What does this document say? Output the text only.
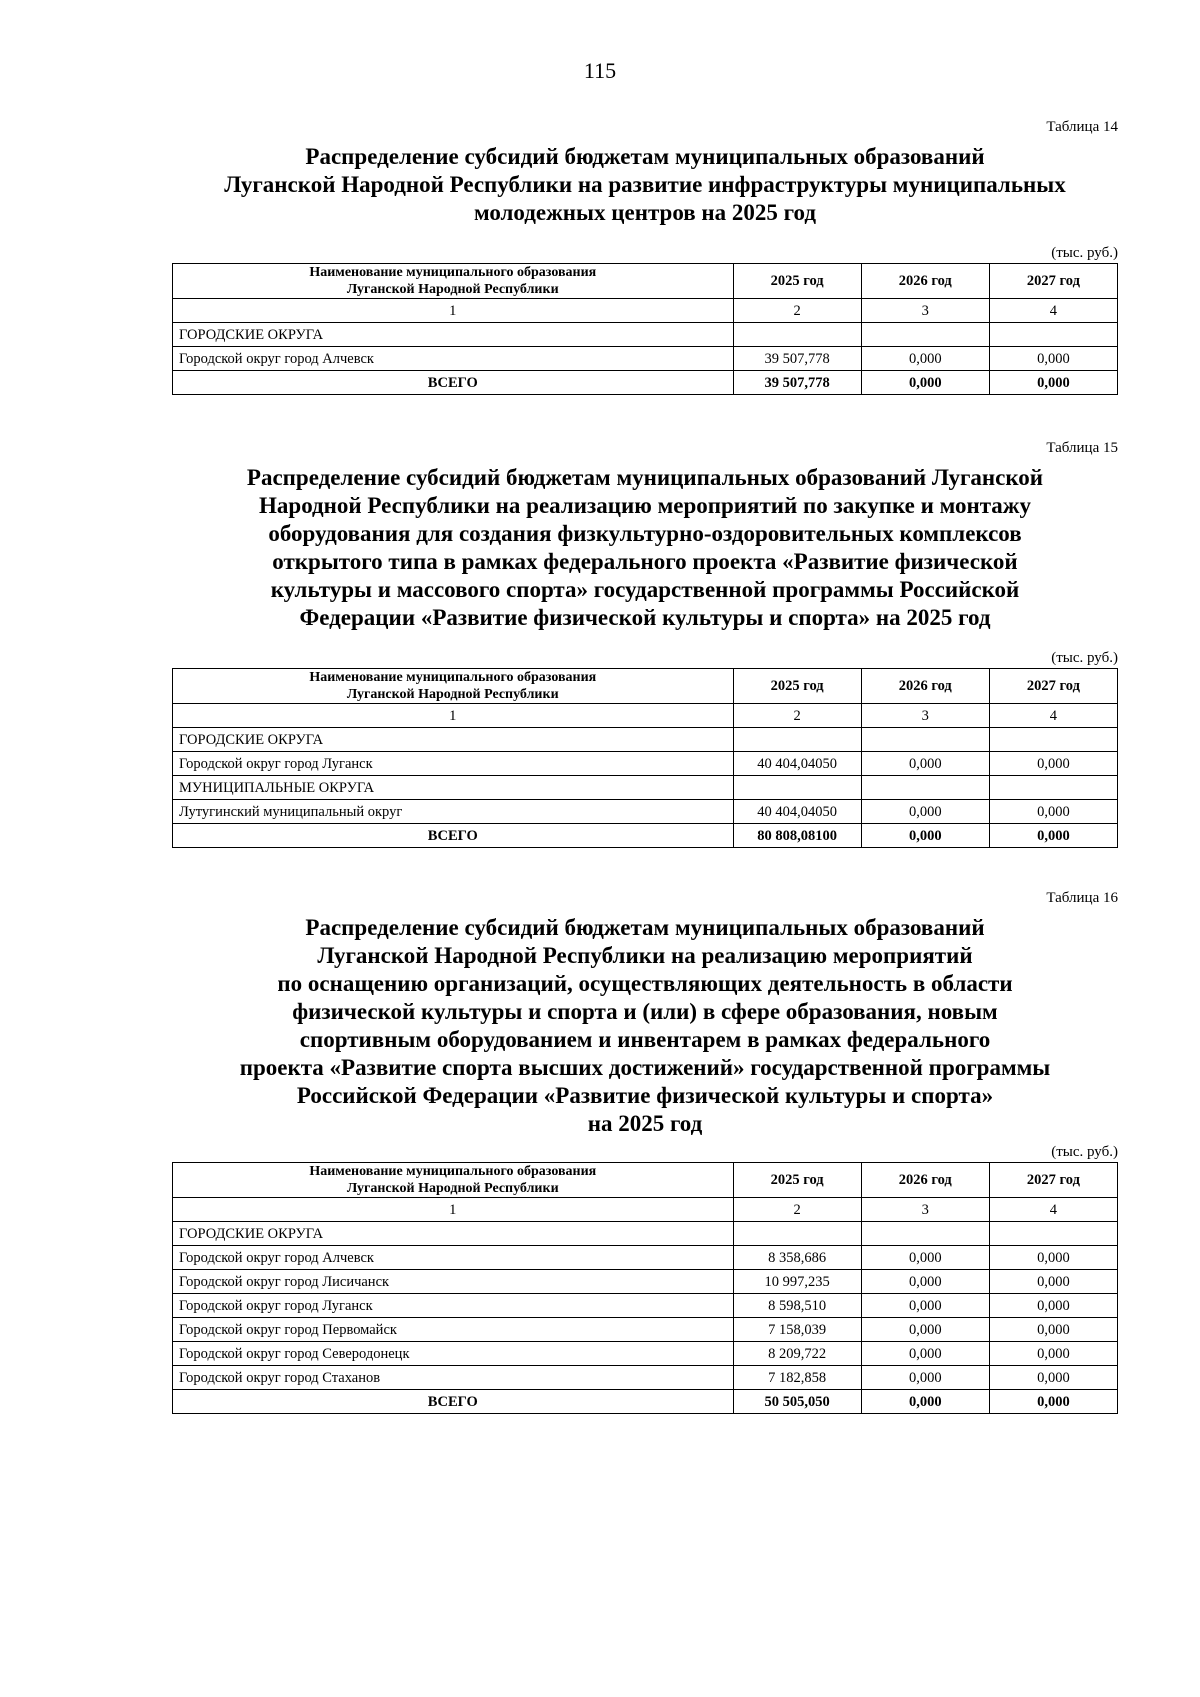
115
Таблица 14
Распределение субсидий бюджетам муниципальных образований
Луганской Народной Республики на развитие инфраструктуры муниципальных
молодежных центров на 2025 год
(тыс. руб.)
Наименование муниципального образования
Луганской Народной Республики	2025 год	2026 год	2027 год
1	2	3	4
ГОРОДСКИЕ ОКРУГА			
Городской округ город Алчевск	39 507,778	0,000	0,000
ВСЕГО	39 507,778	0,000	0,000
Таблица 15
Распределение субсидий бюджетам муниципальных образований Луганской
Народной Республики на реализацию мероприятий по закупке и монтажу
оборудования для создания физкультурно-оздоровительных комплексов
открытого типа в рамках федерального проекта «Развитие физической
культуры и массового спорта» государственной программы Российской
Федерации «Развитие физической культуры и спорта» на 2025 год
(тыс. руб.)
Наименование муниципального образования
Луганской Народной Республики	2025 год	2026 год	2027 год
1	2	3	4
ГОРОДСКИЕ ОКРУГА			
Городской округ город Луганск	40 404,04050	0,000	0,000
МУНИЦИПАЛЬНЫЕ ОКРУГА			
Лутугинский муниципальный округ	40 404,04050	0,000	0,000
ВСЕГО	80 808,08100	0,000	0,000
Таблица 16
Распределение субсидий бюджетам муниципальных образований
Луганской Народной Республики на реализацию мероприятий
по оснащению организаций, осуществляющих деятельность в области
физической культуры и спорта и (или) в сфере образования, новым
спортивным оборудованием и инвентарем в рамках федерального
проекта «Развитие спорта высших достижений» государственной программы
Российской Федерации «Развитие физической культуры и спорта»
на 2025 год
(тыс. руб.)
Наименование муниципального образования
Луганской Народной Республики	2025 год	2026 год	2027 год
1	2	3	4
ГОРОДСКИЕ ОКРУГА			
Городской округ город Алчевск	8 358,686	0,000	0,000
Городской округ город Лисичанск	10 997,235	0,000	0,000
Городской округ город Луганск	8 598,510	0,000	0,000
Городской округ город Первомайск	7 158,039	0,000	0,000
Городской округ город Северодонецк	8 209,722	0,000	0,000
Городской округ город Стаханов	7 182,858	0,000	0,000
ВСЕГО	50 505,050	0,000	0,000
